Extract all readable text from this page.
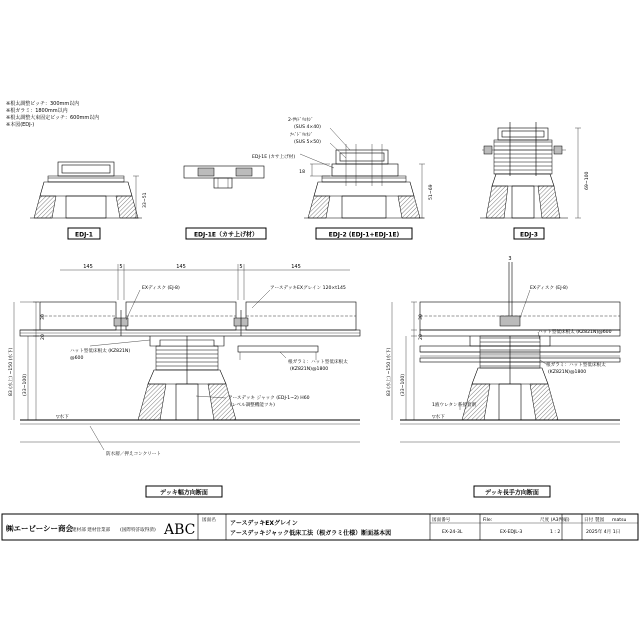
※根太調整ピッチ：300mm以内
※根ガラミ：1800mm以内
※根太調整大束固定ピッチ：600mm以内
※本図(EDJ-)
33~51
EDJ-1	EDJ-1E（カサ上げ材）
18
51~69
2-ｻｷﾄﾞﾘﾙﾈｼﾞ
(SUS 4×40)
ﾅﾍﾞﾄﾞﾘﾙﾈｼﾞ
(SUS 5×50)
EDJ-1E (カサ上げ材)
EDJ-2 (EDJ-1+EDJ-1E)
69~100
EDJ-3
145	5	145	5	145
EXディスク (EJ-8)	アースデッキEXグレイン 120×t145
ハット型低床根太 (KZ821N)
@600
根ガラミ：ハット型低床根太
(KZ821N)@1800
アースデッキ ジャック (EDJ-1~2) H60
(レベル調整機能ツキ)
▽水下
防水層／押えコンクリート
30
20
83 (水上) ~150 (水下) (33~100)
デッキ幅方向断面
3
EXディスク (EJ-8)
ハット型低床根太 (KZ821N)@600
根ガラミ：ハット型低床根太
(KZ821N)@1800
1液ウレタン系接着剤
▽水下
30
20
83 (水上) ~150 (水下) (33~100)
デッキ長手方向断面
㈱エービーシー商会
建材部 建材営業部 (国際特許取得済) ABC
図面名 アースデッキEXグレイン
アースデッキジャック低床工法（根ガラミ仕様）断面基本図
図面番号
EX-24-3L
File:
EX-EDJL-3
尺度 (A3判縮)
1 : 2
日付 製図 matsu
2025年 4月 1日
